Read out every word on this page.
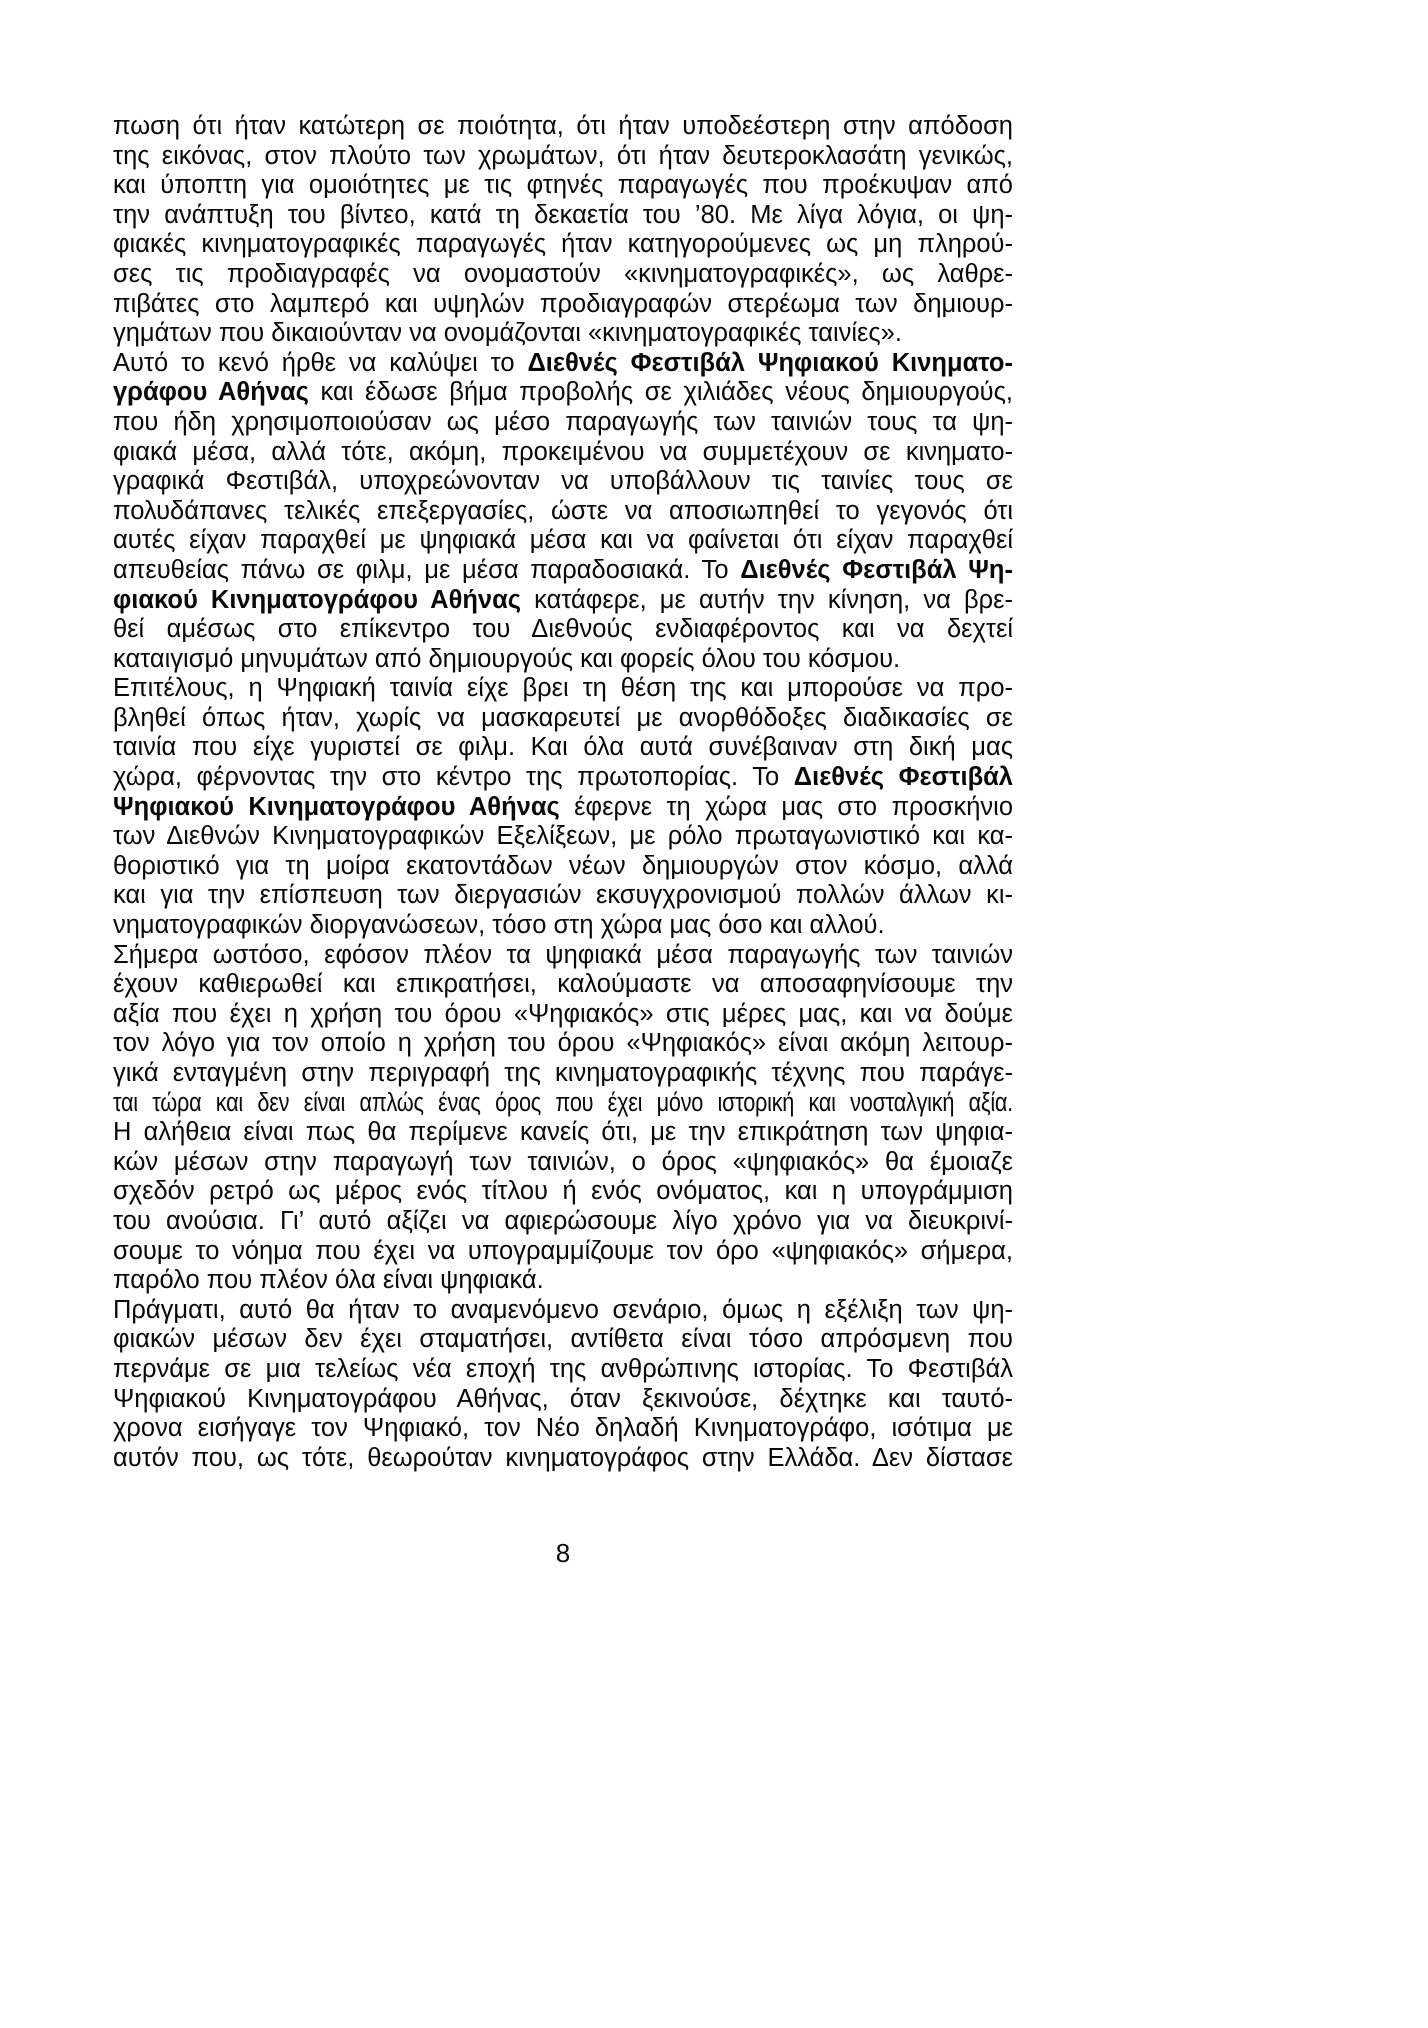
πωση ότι ήταν κατώτερη σε ποιότητα, ότι ήταν υποδεέστερη στην απόδοση
της εικόνας, στον πλούτο των χρωμάτων, ότι ήταν δευτεροκλασάτη γενικώς,
και ύποπτη για ομοιότητες με τις φτηνές παραγωγές που προέκυψαν από
την ανάπτυξη του βίντεο, κατά τη δεκαετία του ’80. Με λίγα λόγια, οι ψη-
φιακές κινηματογραφικές παραγωγές ήταν κατηγορούμενες ως μη πληρού-
σες τις προδιαγραφές να ονομαστούν «κινηματογραφικές», ως λαθρε-
πιβάτες στο λαμπερό και υψηλών προδιαγραφών στερέωμα των δημιουρ-
γημάτων που δικαιούνταν να ονομάζονται «κινηματογραφικές ταινίες».
Αυτό το κενό ήρθε να καλύψει το Διεθνές Φεστιβάλ Ψηφιακού Κινηματο-
γράφου Αθήνας και έδωσε βήμα προβολής σε χιλιάδες νέους δημιουργούς,
που ήδη χρησιμοποιούσαν ως μέσο παραγωγής των ταινιών τους τα ψη-
φιακά μέσα, αλλά τότε, ακόμη, προκειμένου να συμμετέχουν σε κινηματο-
γραφικά Φεστιβάλ, υποχρεώνονταν να υποβάλλουν τις ταινίες τους σε
πολυδάπανες τελικές επεξεργασίες, ώστε να αποσιωπηθεί το γεγονός ότι
αυτές είχαν παραχθεί με ψηφιακά μέσα και να φαίνεται ότι είχαν παραχθεί
απευθείας πάνω σε φιλμ, με μέσα παραδοσιακά. Το Διεθνές Φεστιβάλ Ψη-
φιακού Κινηματογράφου Αθήνας κατάφερε, με αυτήν την κίνηση, να βρε-
θεί αμέσως στο επίκεντρο του Διεθνούς ενδιαφέροντος και να δεχτεί
καταιγισμό μηνυμάτων από δημιουργούς και φορείς όλου του κόσμου.
Επιτέλους, η Ψηφιακή ταινία είχε βρει τη θέση της και μπορούσε να προ-
βληθεί όπως ήταν, χωρίς να μασκαρευτεί με ανορθόδοξες διαδικασίες σε
ταινία που είχε γυριστεί σε φιλμ. Και όλα αυτά συνέβαιναν στη δική μας
χώρα, φέρνοντας την στο κέντρο της πρωτοπορίας. Το Διεθνές Φεστιβάλ
Ψηφιακού Κινηματογράφου Αθήνας έφερνε τη χώρα μας στο προσκήνιο
των Διεθνών Κινηματογραφικών Εξελίξεων, με ρόλο πρωταγωνιστικό και κα-
θοριστικό για τη μοίρα εκατοντάδων νέων δημιουργών στον κόσμο, αλλά
και για την επίσπευση των διεργασιών εκσυγχρονισμού πολλών άλλων κι-
νηματογραφικών διοργανώσεων, τόσο στη χώρα μας όσο και αλλού.
Σήμερα ωστόσο, εφόσον πλέον τα ψηφιακά μέσα παραγωγής των ταινιών
έχουν καθιερωθεί και επικρατήσει, καλούμαστε να αποσαφηνίσουμε την
αξία που έχει η χρήση του όρου «Ψηφιακός» στις μέρες μας, και να δούμε
τον λόγο για τον οποίο η χρήση του όρου «Ψηφιακός» είναι ακόμη λειτουρ-
γικά ενταγμένη στην περιγραφή της κινηματογραφικής τέχνης που παράγε-
ται τώρα και δεν είναι απλώς ένας όρος που έχει μόνο ιστορική και νοσταλγική αξία.
Η αλήθεια είναι πως θα περίμενε κανείς ότι, με την επικράτηση των ψηφια-
κών μέσων στην παραγωγή των ταινιών, ο όρος «ψηφιακός» θα έμοιαζε
σχεδόν ρετρό ως μέρος ενός τίτλου ή ενός ονόματος, και η υπογράμμιση
του ανούσια. Γι’ αυτό αξίζει να αφιερώσουμε λίγο χρόνο για να διευκρινί-
σουμε το νόημα που έχει να υπογραμμίζουμε τον όρο «ψηφιακός» σήμερα,
παρόλο που πλέον όλα είναι ψηφιακά.
Πράγματι, αυτό θα ήταν το αναμενόμενο σενάριο, όμως η εξέλιξη των ψη-
φιακών μέσων δεν έχει σταματήσει, αντίθετα είναι τόσο απρόσμενη που
περνάμε σε μια τελείως νέα εποχή της ανθρώπινης ιστορίας. Το Φεστιβάλ
Ψηφιακού Κινηματογράφου Αθήνας, όταν ξεκινούσε, δέχτηκε και ταυτό-
χρονα εισήγαγε τον Ψηφιακό, τον Νέο δηλαδή Κινηματογράφο, ισότιμα με
αυτόν που, ως τότε, θεωρούταν κινηματογράφος στην Ελλάδα. Δεν δίστασε
8
